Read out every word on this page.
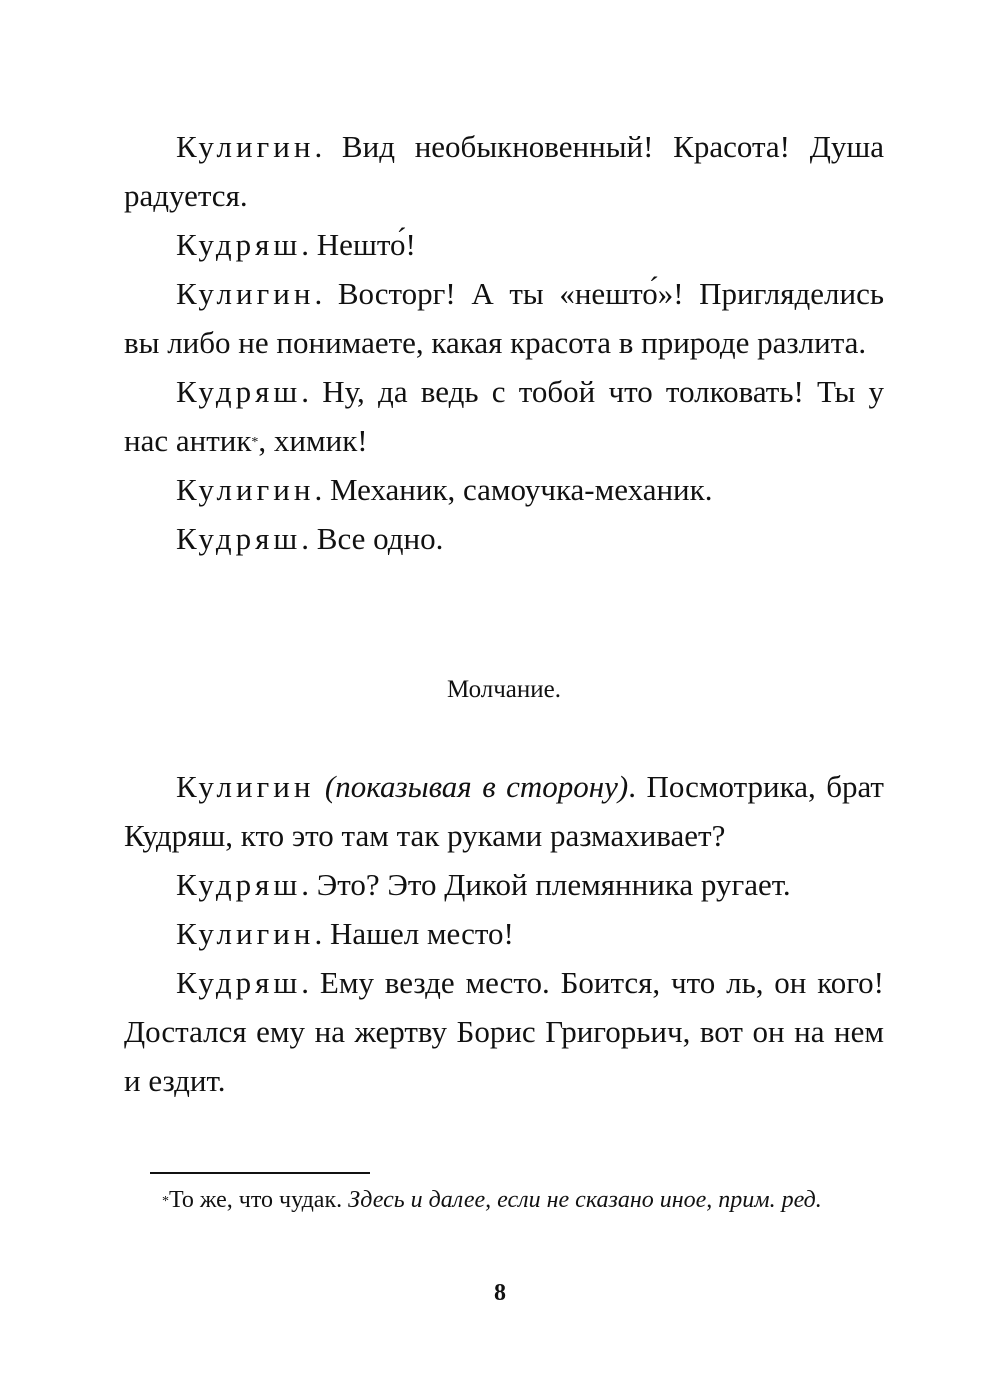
Кулигин. Вид необыкновенный! Красота! Душа радуется.

Кудряш. Нешто́!

Кулигин. Восторг! А ты «нешто́»! Пригляделись вы либо не понимаете, какая красота в природе разлита.

Кудряш. Ну, да ведь с тобой что толковать! Ты у нас антик*, химик!

Кулигин. Механик, самоучка-механик.

Кудряш. Все одно.

Молчание.

Кулигин (показывая в сторону). Посмотрика, брат Кудряш, кто это там так руками размахивает?

Кудряш. Это? Это Дикой племянника ругает.

Кулигин. Нашел место!

Кудряш. Ему везде место. Боится, что ль, он кого! Достался ему на жертву Борис Григорьич, вот он на нем и ездит.

*То же, что чудак. Здесь и далее, если не сказано иное, прим. ред.

8
